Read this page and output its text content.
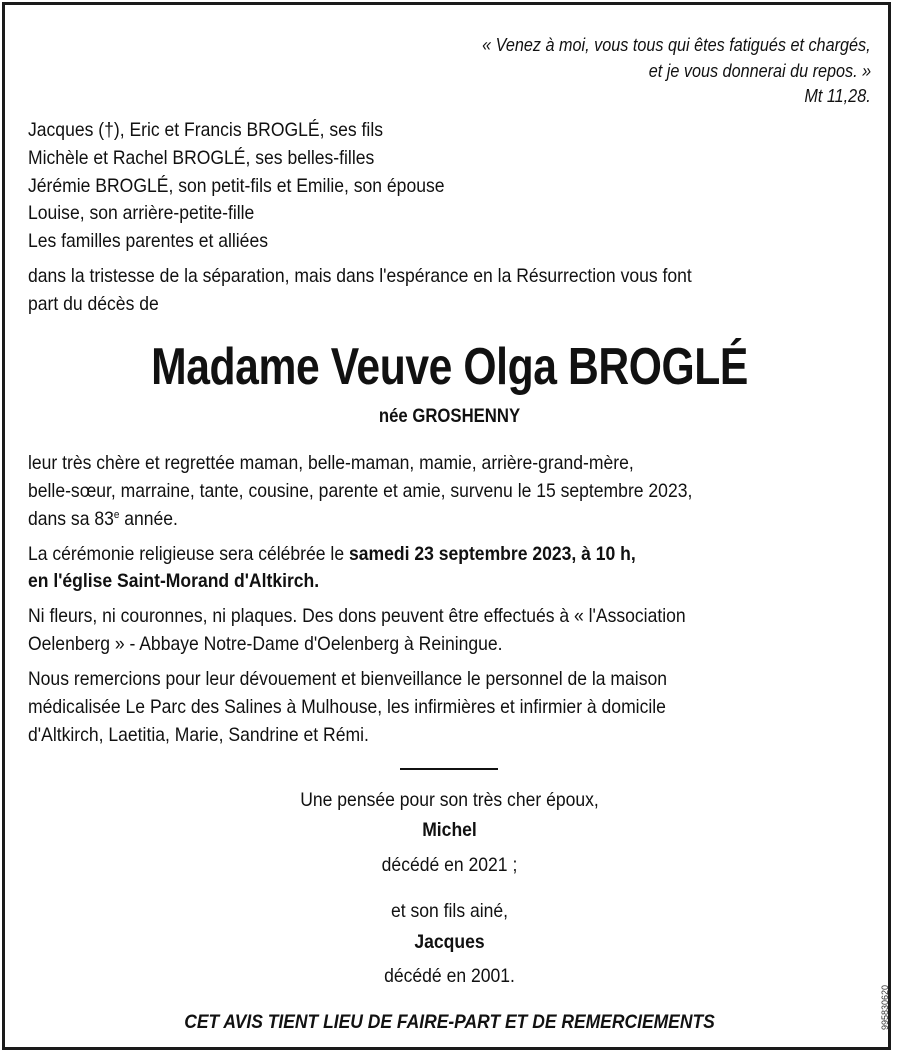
« Venez à moi, vous tous qui êtes fatigués et chargés,
et je vous donnerai du repos. »
Mt 11,28.
Jacques (†), Eric et Francis BROGLÉ, ses fils
Michèle et Rachel BROGLÉ, ses belles-filles
Jérémie BROGLÉ, son petit-fils et Emilie, son épouse
Louise, son arrière-petite-fille
Les familles parentes et alliées
dans la tristesse de la séparation, mais dans l'espérance en la Résurrection vous font
part du décès de
Madame Veuve Olga BROGLÉ
née GROSHENNY
leur très chère et regrettée maman, belle-maman, mamie, arrière-grand-mère,
belle-sœur, marraine, tante, cousine, parente et amie, survenu le 15 septembre 2023,
dans sa 83e année.
La cérémonie religieuse sera célébrée le samedi 23 septembre 2023, à 10 h,
en l'église Saint-Morand d'Altkirch.
Ni fleurs, ni couronnes, ni plaques. Des dons peuvent être effectués à « l'Association
Oelenberg » - Abbaye Notre-Dame d'Oelenberg à Reiningue.
Nous remercions pour leur dévouement et bienveillance le personnel de la maison
médicalisée Le Parc des Salines à Mulhouse, les infirmières et infirmier à domicile
d'Altkirch, Laetitia, Marie, Sandrine et Rémi.
Une pensée pour son très cher époux,
Michel
décédé en 2021 ;
et son fils ainé,
Jacques
décédé en 2001.
CET AVIS TIENT LIEU DE FAIRE-PART ET DE REMERCIEMENTS	995830620
